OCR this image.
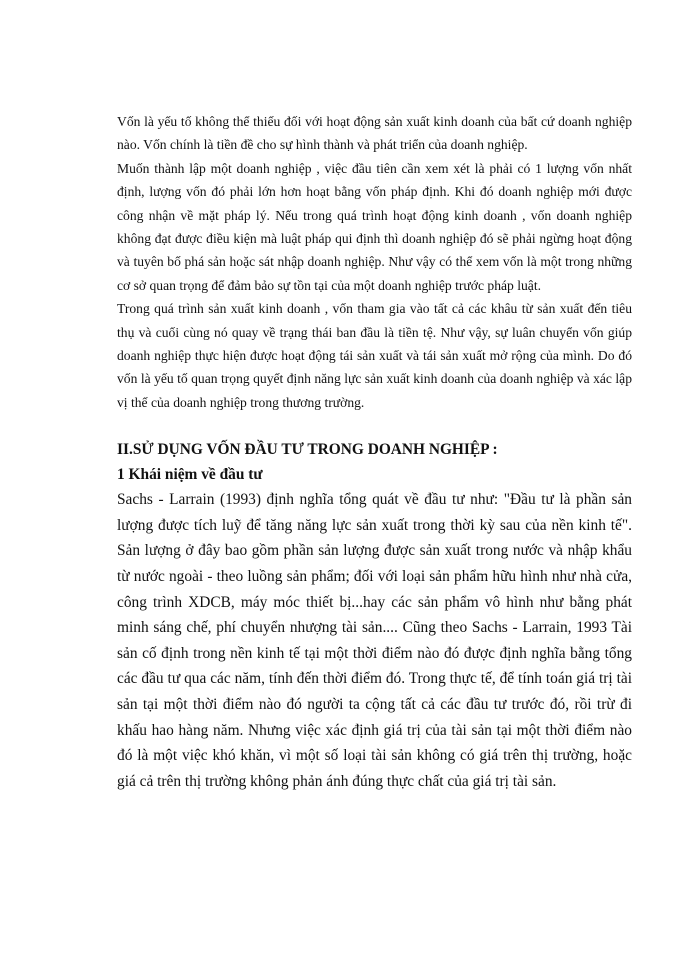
Vốn là yếu tố không thể thiếu đối với hoạt động sản xuất kinh doanh của bất cứ doanh nghiệp nào. Vốn chính là tiền đề cho sự hình thành và phát triển của doanh nghiệp.

Muốn thành lập một doanh nghiệp , việc đầu tiên cần xem xét là phải có 1 lượng vốn nhất định, lượng vốn đó phải lớn hơn hoạt bằng vốn pháp định. Khi đó doanh nghiệp mới được công nhận về mặt pháp lý. Nếu trong quá trình hoạt động kinh doanh , vốn doanh nghiệp không đạt được điều kiện mà luật pháp qui định thì doanh nghiệp đó sẽ phải ngừng hoạt động và tuyên bố phá sản hoặc sát nhập doanh nghiệp. Như vậy có thể xem vốn là một trong những cơ sở quan trọng để đảm bảo sự tồn tại của một doanh nghiệp trước pháp luật.

Trong quá trình sản xuất kinh doanh , vốn tham gia vào tất cả các khâu từ sản xuất đến tiêu thụ và cuối cùng nó quay về trạng thái ban đầu là tiền tệ. Như vậy, sự luân chuyển vốn giúp doanh nghiệp thực hiện được hoạt động tái sản xuất và tái sản xuất mở rộng của mình. Do đó vốn là yếu tố quan trọng quyết định năng lực sản xuất kinh doanh của doanh nghiệp và xác lập vị thế của doanh nghiệp trong thương trường.

II.SỬ DỤNG VỐN ĐẦU TƯ TRONG DOANH NGHIỆP :

1 Khái niệm về đầu tư

Sachs - Larrain (1993) định nghĩa tổng quát về đầu tư như: "Đầu tư là phần sản lượng được tích luỹ để tăng năng lực sản xuất trong thời kỳ sau của nền kinh tế". Sản lượng ở đây bao gồm phần sản lượng được sản xuất trong nước và nhập khẩu từ nước ngoài - theo luồng sản phẩm; đối với loại sản phẩm hữu hình như nhà cửa, công trình XDCB, máy móc thiết bị...hay các sản phẩm vô hình như bằng phát minh sáng chế, phí chuyển nhượng tài sản.... Cũng theo Sachs - Larrain, 1993 Tài sản cố định trong nền kinh tế tại một thời điểm nào đó được định nghĩa bằng tổng các đầu tư qua các năm, tính đến thời điểm đó. Trong thực tế, để tính toán giá trị tài sản tại một thời điểm nào đó người ta cộng tất cả các đầu tư trước đó, rồi trừ đi khấu hao hàng năm. Nhưng việc xác định giá trị của tài sản tại một thời điểm nào đó là một việc khó khăn, vì một số loại tài sản không có giá trên thị trường, hoặc giá cả trên thị trường không phản ánh đúng thực chất của giá trị tài sản.
